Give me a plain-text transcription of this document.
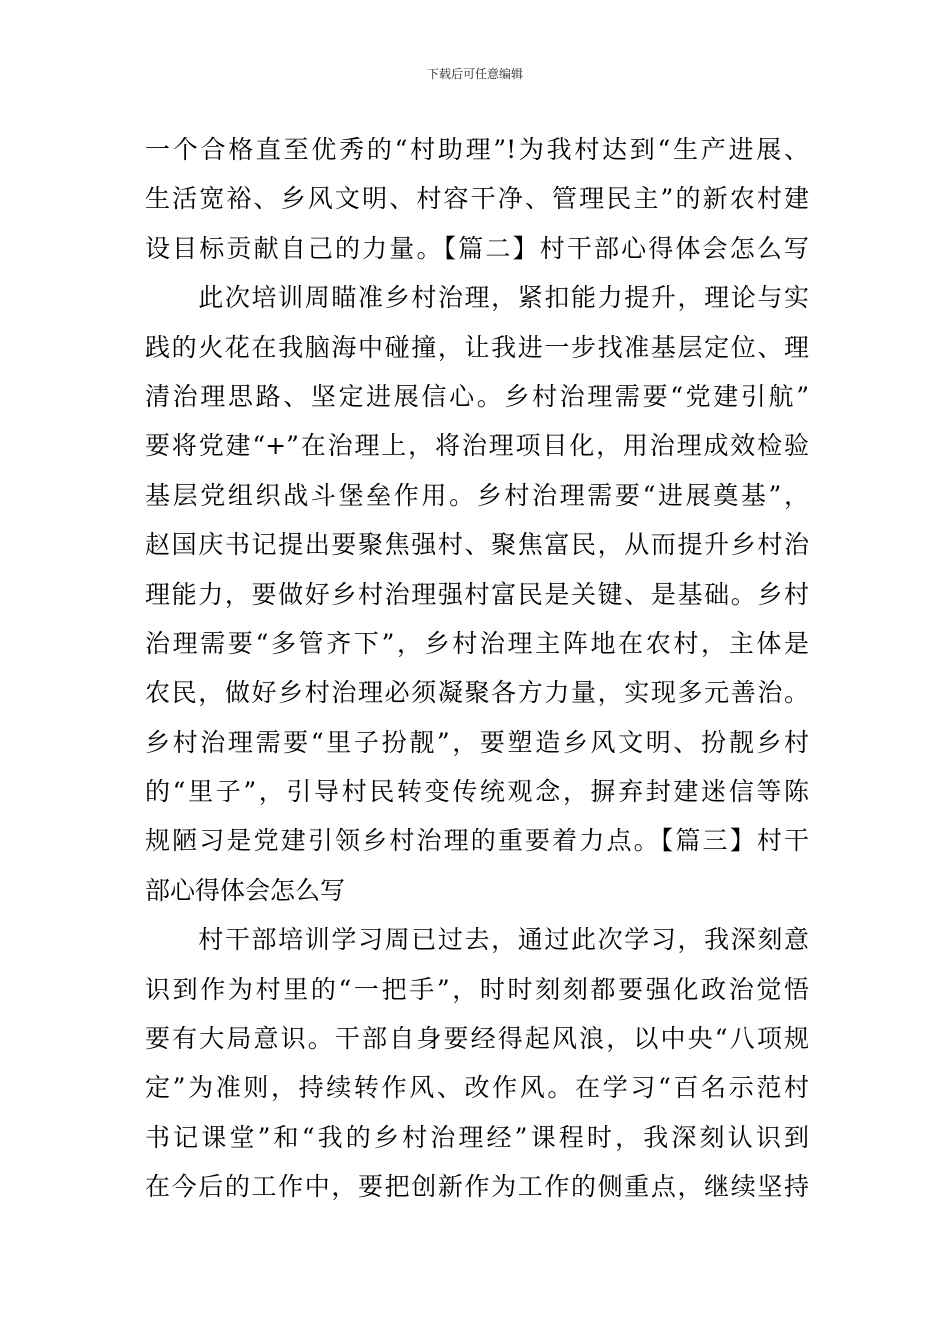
下载后可任意编辑
一个合格直至优秀的“村助理”!为我村达到“生产进展、
生活宽裕、乡风文明、村容干净、管理民主”的新农村建
设目标贡献自己的力量。【篇二】村干部心得体会怎么写
　　此次培训周瞄准乡村治理，紧扣能力提升，理论与实
践的火花在我脑海中碰撞，让我进一步找准基层定位、理
清治理思路、坚定进展信心。乡村治理需要“党建引航”
要将党建“+”在治理上，将治理项目化，用治理成效检验
基层党组织战斗堡垒作用。乡村治理需要“进展奠基”，
赵国庆书记提出要聚焦强村、聚焦富民，从而提升乡村治
理能力，要做好乡村治理强村富民是关键、是基础。乡村
治理需要“多管齐下”，乡村治理主阵地在农村，主体是
农民，做好乡村治理必须凝聚各方力量，实现多元善治。
乡村治理需要“里子扮靓”，要塑造乡风文明、扮靓乡村
的“里子”，引导村民转变传统观念，摒弃封建迷信等陈
规陋习是党建引领乡村治理的重要着力点。【篇三】村干
部心得体会怎么写
　　村干部培训学习周已过去，通过此次学习，我深刻意
识到作为村里的“一把手”，时时刻刻都要强化政治觉悟
要有大局意识。干部自身要经得起风浪，以中央“八项规
定”为准则，持续转作风、改作风。在学习“百名示范村
书记课堂”和“我的乡村治理经”课程时，我深刻认识到
在今后的工作中，要把创新作为工作的侧重点，继续坚持
